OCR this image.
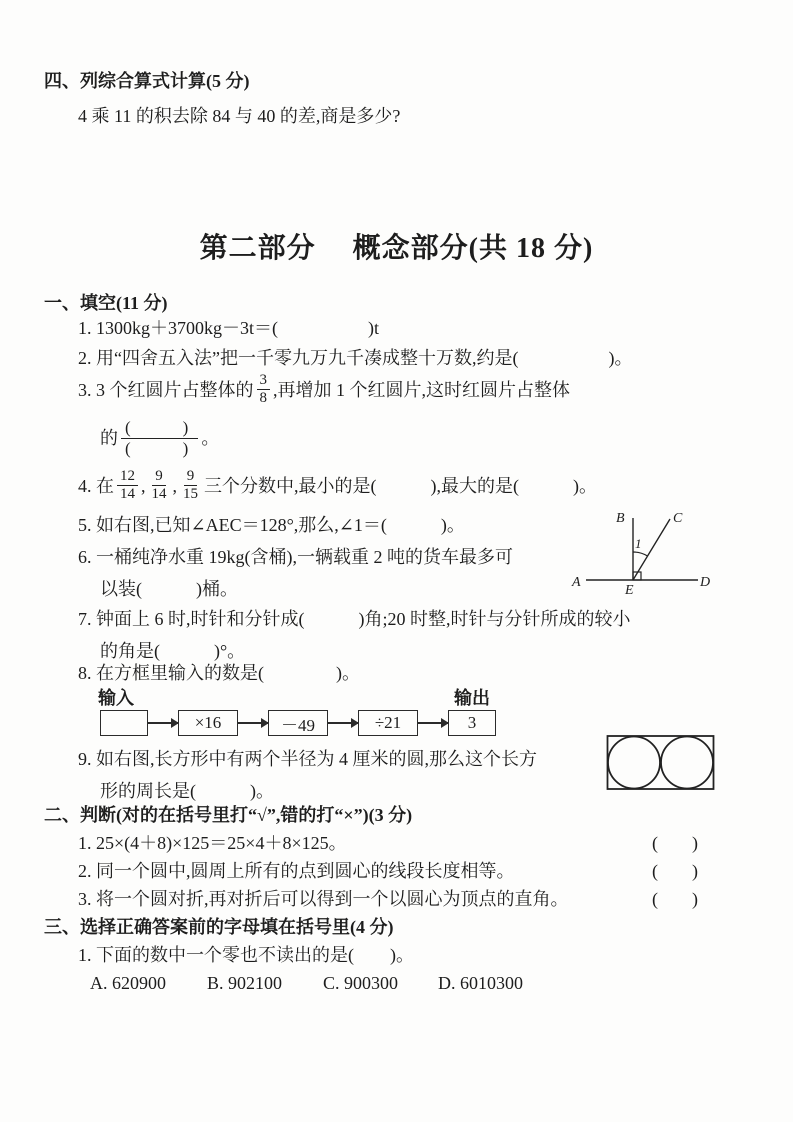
四、列综合算式计算(5 分)
4 乘 11 的积去除 84 与 40 的差,商是多少?
第二部分　 概念部分(共 18 分)
一、填空(11 分)
1. 1300kg＋3700kg－3t＝(　　　　　)t
2. 用“四舍五入法”把一千零九万九千凑成整十万数,约是(　　　　　)。
3. 3 个红圆片占整体的 $\frac{3}{8}$ ,再增加 1 个红圆片,这时红圆片占整体
的 $\frac{( )}{( )}$ 。
4. 在 $\frac{12}{14}$ , $\frac{9}{14}$ , $\frac{9}{15}$ 三个分数中,最小的是(　　　),最大的是(　　　)。
5. 如右图,已知∠AEC＝128°,那么,∠1＝(　　　)。
A
B	C
D
E
1
6. 一桶纯净水重 19kg(含桶),一辆载重 2 吨的货车最多可
以装(　　　)桶。
7. 钟面上 6 时,时针和分针成(　　　)角;20 时整,时针与分针所成的较小
的角是(　　　)°。
8. 在方框里输入的数是(　　　　)。
输入	输出
×16	－49	÷21	3
9. 如右图,长方形中有两个半径为 4 厘米的圆,那么这个长方
形的周长是(　　　)。
二、判断(对的在括号里打“√”,错的打“×”)(3 分)
1. 25×(4＋8)×125＝25×4＋8×125。	(　)
2. 同一个圆中,圆周上所有的点到圆心的线段长度相等。	(　)
3. 将一个圆对折,再对折后可以得到一个以圆心为顶点的直角。	(　)
三、选择正确答案前的字母填在括号里(4 分)
1. 下面的数中一个零也不读出的是(　　)。
A. 620900 B. 902100 C. 900300 D. 6010300
